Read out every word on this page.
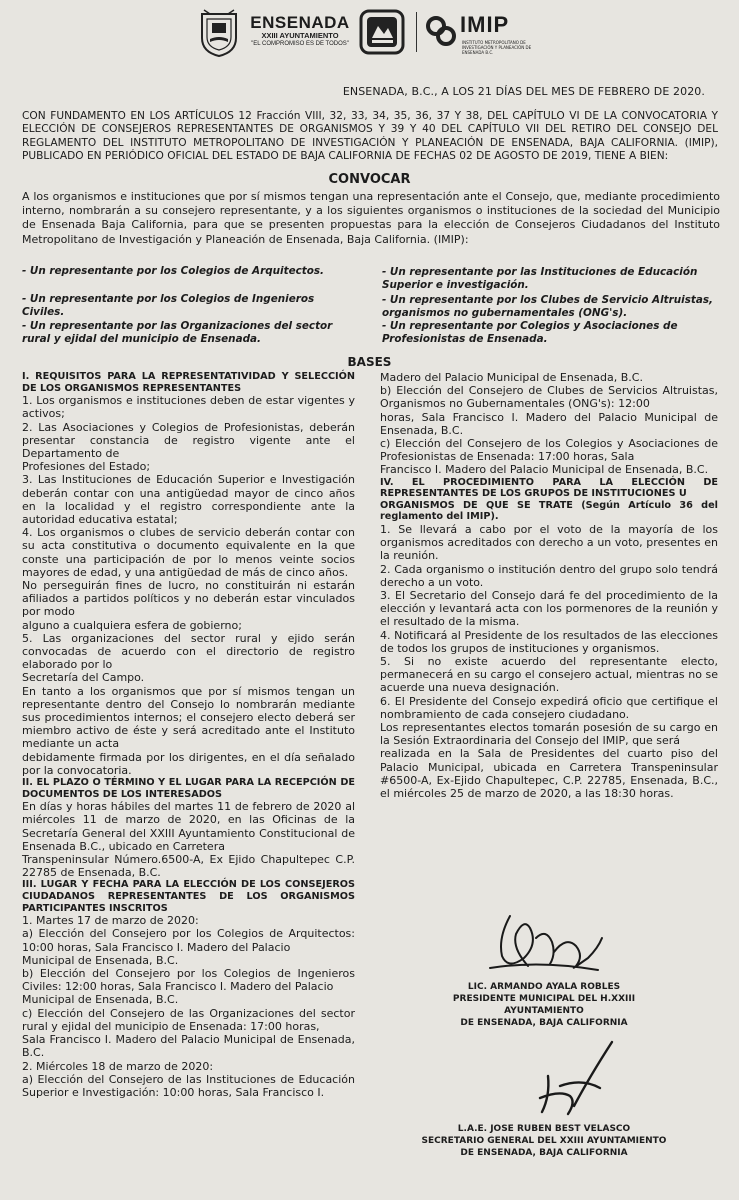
ENSENADA
XXIII AYUNTAMIENTO
"EL COMPROMISO ES DE TODOS"
IMIP
INSTITUTO METROPOLITANO DE INVESTIGACIÓN Y PLANEACIÓN DE ENSENADA B.C.
ENSENADA, B.C., A LOS 21 DÍAS DEL MES DE FEBRERO DE 2020.
CON FUNDAMENTO EN LOS ARTÍCULOS 12 Fracción VIII, 32, 33, 34, 35, 36, 37 Y 38, DEL CAPÍTULO VI DE LA CONVOCATORIA Y ELECCIÓN DE CONSEJEROS REPRESENTANTES DE ORGANISMOS Y 39 Y 40 DEL CAPÍTULO VII DEL RETIRO DEL CONSEJO DEL REGLAMENTO DEL INSTITUTO METROPOLITANO DE INVESTIGACIÓN Y PLANEACIÓN DE ENSENADA, BAJA CALIFORNIA. (IMIP), PUBLICADO EN PERIÓDICO OFICIAL DEL ESTADO DE BAJA CALIFORNIA DE FECHAS 02 DE AGOSTO DE 2019, TIENE A BIEN:
CONVOCAR
A los organismos e instituciones que por sí mismos tengan una representación ante el Consejo, que, mediante procedimiento interno, nombrarán a su consejero representante, y a los siguientes organismos o instituciones de la sociedad del Municipio de Ensenada Baja California, para que se presenten propuestas para la elección de Consejeros Ciudadanos del Instituto Metropolitano de Investigación y Planeación de Ensenada, Baja California. (IMIP):
- Un representante por los Colegios de Arquitectos.
- Un representante por los Colegios de Ingenieros Civiles.
- Un representante por las Organizaciones del sector rural y ejidal del municipio de Ensenada.
- Un representante por las Instituciones de Educación Superior e investigación.
- Un representante por los Clubes de Servicio Altruistas, organismos no gubernamentales (ONG's).
- Un representante por Colegios y Asociaciones de Profesionistas de Ensenada.
BASES

I. REQUISITOS PARA LA REPRESENTATIVIDAD Y SELECCIÓN DE LOS ORGANISMOS REPRESENTANTES

1. Los organismos e instituciones deben de estar vigentes y activos;

2. Las Asociaciones y Colegios de Profesionistas, deberán presentar constancia de registro vigente ante el Departamento de

Profesiones del Estado;

3. Las Instituciones de Educación Superior e Investigación deberán contar con una antigüedad mayor de cinco años en la localidad y el registro correspondiente ante la autoridad educativa estatal;

4. Los organismos o clubes de servicio deberán contar con su acta constitutiva o documento equivalente en la que conste una participación de por lo menos veinte socios mayores de edad, y una antigüedad de más de cinco años.

No perseguirán fines de lucro, no constituirán ni estarán afiliados a partidos políticos y no deberán estar vinculados por modo

alguno a cualquiera esfera de gobierno;

5. Las organizaciones del sector rural y ejido serán convocadas de acuerdo con el directorio de registro elaborado por lo

Secretaría del Campo.

En tanto a los organismos que por sí mismos tengan un representante dentro del Consejo lo nombrarán mediante sus procedimientos internos; el consejero electo deberá ser miembro activo de éste y será acreditado ante el Instituto mediante un acta

debidamente firmada por los dirigentes, en el día señalado por la convocatoria.

II. EL PLAZO O TÉRMINO Y EL LUGAR PARA LA RECEPCIÓN DE DOCUMENTOS DE LOS INTERESADOS

En días y horas hábiles del martes 11 de febrero de 2020 al miércoles 11 de marzo de 2020, en las Oficinas de la Secretaría General del XXIII Ayuntamiento Constitucional de Ensenada B.C., ubicado en Carretera

Transpeninsular Número.6500-A, Ex Ejido Chapultepec C.P. 22785 de Ensenada, B.C.

III. LUGAR Y FECHA PARA LA ELECCIÓN DE LOS CONSEJEROS CIUDADANOS REPRESENTANTES DE LOS ORGANISMOS PARTICIPANTES INSCRITOS

1. Martes 17 de marzo de 2020:

a) Elección del Consejero por los Colegios de Arquitectos: 10:00 horas, Sala Francisco I. Madero del Palacio

Municipal de Ensenada, B.C.

b) Elección del Consejero por los Colegios de Ingenieros Civiles: 12:00 horas, Sala Francisco I. Madero del Palacio

Municipal de Ensenada, B.C.

c) Elección del Consejero de las Organizaciones del sector rural y ejidal del municipio de Ensenada: 17:00 horas,

Sala Francisco I. Madero del Palacio Municipal de Ensenada, B.C.

2. Miércoles 18 de marzo de 2020:

a) Elección del Consejero de las Instituciones de Educación Superior e Investigación: 10:00 horas, Sala Francisco I.

Madero del Palacio Municipal de Ensenada, B.C.

b) Elección del Consejero de Clubes de Servicios Altruistas, Organismos no Gubernamentales (ONG's): 12:00

horas, Sala Francisco I. Madero del Palacio Municipal de Ensenada, B.C.

c) Elección del Consejero de los Colegios y Asociaciones de Profesionistas de Ensenada: 17:00 horas, Sala

Francisco I. Madero del Palacio Municipal de Ensenada, B.C.

IV. EL PROCEDIMIENTO PARA LA ELECCIÓN DE REPRESENTANTES DE LOS GRUPOS DE INSTITUCIONES U

ORGANISMOS DE QUE SE TRATE (Según Artículo 36 del reglamento del IMIP).

1. Se llevará a cabo por el voto de la mayoría de los organismos acreditados con derecho a un voto, presentes en la reunión.

2. Cada organismo o institución dentro del grupo solo tendrá derecho a un voto.

3. El Secretario del Consejo dará fe del procedimiento de la elección y levantará acta con los pormenores de la reunión y el resultado de la misma.

4. Notificará al Presidente de los resultados de las elecciones de todos los grupos de instituciones y organismos.

5. Si no existe acuerdo del representante electo, permanecerá en su cargo el consejero actual, mientras no se acuerde una nueva designación.

6. El Presidente del Consejo expedirá oficio que certifique el nombramiento de cada consejero ciudadano.

Los representantes electos tomarán posesión de su cargo en la Sesión Extraordinaria del Consejo del IMIP, que será

realizada en la Sala de Presidentes del cuarto piso del Palacio Municipal, ubicada en Carretera Transpeninsular #6500-A, Ex-Ejido Chapultepec, C.P. 22785, Ensenada, B.C., el miércoles 25 de marzo de 2020, a las 18:30 horas.

LIC. ARMANDO AYALA ROBLES
PRESIDENTE MUNICIPAL DEL H.XXIII AYUNTAMIENTO
DE ENSENADA, BAJA CALIFORNIA
L.A.E. JOSE RUBEN BEST VELASCO
SECRETARIO GENERAL DEL XXIII AYUNTAMIENTO
DE ENSENADA, BAJA CALIFORNIA
